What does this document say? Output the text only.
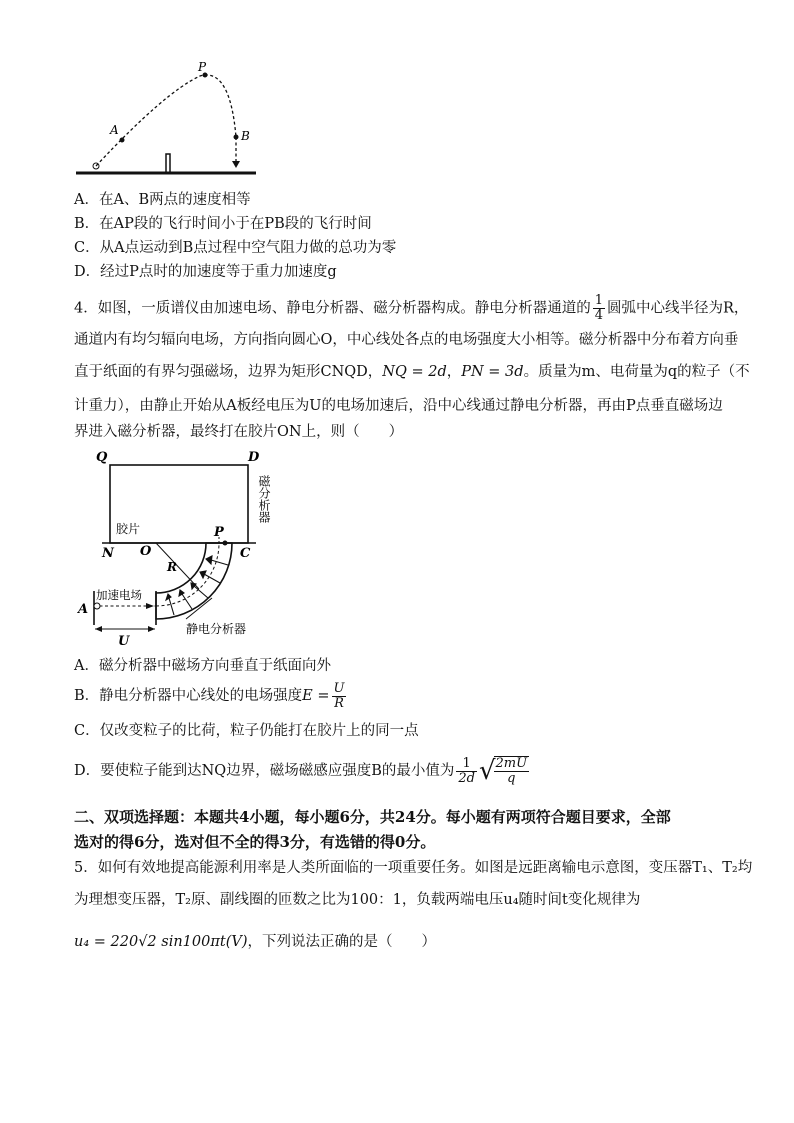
P
A	B
A．在A、B两点的速度相等
B．在AP段的飞行时间小于在PB段的飞行时间
C．从A点运动到B点过程中空气阻力做的总功为零
D．经过P点时的加速度等于重力加速度g
4．如图，一质谱仪由加速电场、静电分析器、磁分析器构成。静电分析器通道的 $\frac{1}{4}$ 圆弧中心线半径为R，
通道内有均匀辐向电场，方向指向圆心O，中心线处各点的电场强度大小相等。磁分析器中分布着方向垂
直于纸面的有界匀强磁场，边界为矩形CNQD，NQ = 2d，PN = 3d。质量为m、电荷量为q的粒子（不
计重力），由静止开始从A板经电压为U的电场加速后，沿中心线通过静电分析器，再由P点垂直磁场边
界进入磁分析器，最终打在胶片ON上，则（　　）
Q	D
N O
P
C
R
A
U
胶片
加速电场
静电分析器
磁分析器
A．磁分析器中磁场方向垂直于纸面向外
B．静电分析器中心线处的电场强度$E = \frac{U}{R}$
C．仅改变粒子的比荷，粒子仍能打在胶片上的同一点
D．要使粒子能到达NQ边界，磁场磁感应强度B的最小值为 $\frac{1}{2d}$ √
$\frac{2mU}{q}$
二、双项选择题：本题共4小题，每小题6分，共24分。每小题有两项符合题目要求，全部
选对的得6分，选对但不全的得3分，有选错的得0分。
5．如何有效地提高能源利用率是人类所面临的一项重要任务。如图是远距离输电示意图，变压器T₁、T₂均
为理想变压器，T₂原、副线圈的匝数之比为100：1，负载两端电压u₄随时间t变化规律为
u₄ = 220√2 sin100πt(V)，下列说法正确的是（　　）
